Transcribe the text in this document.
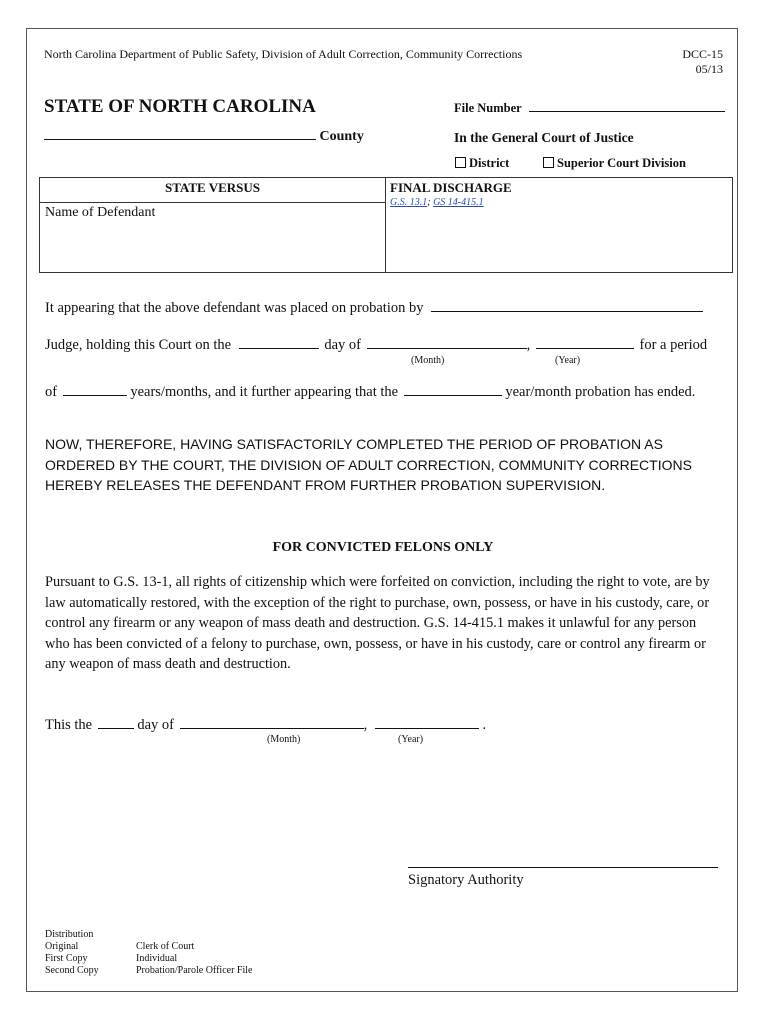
North Carolina Department of Public Safety, Division of Adult Correction, Community Corrections	DCC-15
05/13
STATE OF NORTH CAROLINA
County
File Number
In the General Court of Justice
District	Superior Court Division
STATE VERSUS
Name of Defendant
FINAL DISCHARGE
G.S. 13.1; GS 14-415.1
It appearing that the above defendant was placed on probation by
Judge, holding this Court on the	day of	,	for a period
(Month)	(Year)
of	years/months, and it further appearing that the	year/month probation has ended.
NOW, THEREFORE, HAVING SATISFACTORILY COMPLETED THE PERIOD OF PROBATION AS ORDERED BY THE COURT, THE DIVISION OF ADULT CORRECTION, COMMUNITY CORRECTIONS HEREBY RELEASES THE DEFENDANT FROM FURTHER PROBATION SUPERVISION.
FOR CONVICTED FELONS ONLY
Pursuant to G.S. 13-1, all rights of citizenship which were forfeited on conviction, including the right to vote, are by law automatically restored, with the exception of the right to purchase, own, possess, or have in his custody, care, or control any firearm or any weapon of mass death and destruction. G.S. 14-415.1 makes it unlawful for any person who has been convicted of a felony to purchase, own, possess, or have in his custody, care or control any firearm or any weapon of mass death and destruction.
This the	day of	,	.
(Month)	(Year)
Signatory Authority
Distribution
Original	Clerk of Court
First Copy	Individual
Second Copy	Probation/Parole Officer File
